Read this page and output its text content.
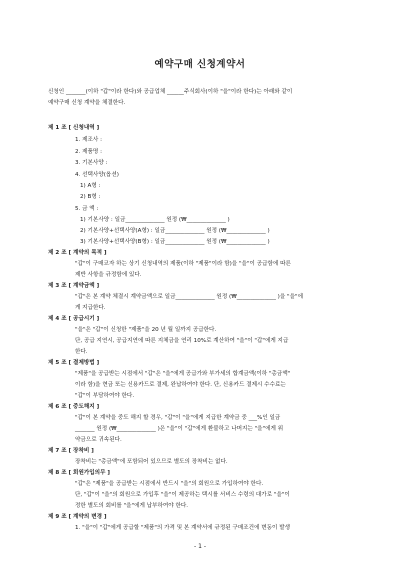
예약구매 신청계약서
신청인 _______(이하 "갑"이라 한다)와 공급업체 ______주식회사(이하 "을"이라 한다)는 아래와 같이
예약구매 신청 계약을 체결한다.
제 1 조 [ 신청내역 ]
1. 제조사 :
2. 제품명 :
3. 기본사양 :
4. 선택사양(옵션)
1) A형 :
2) B형 :
5. 금 액 :
1) 기본사양 : 일금______________ 원정 (₩______________ )
2) 기본사양+선택사양(A형) : 일금______________ 원정 (₩______________ )
3) 기본사양+선택사양(B형) : 일금______________ 원정 (₩______________ )
제 2 조 [ 계약의 목적 ]
"갑"이 구매코자 하는 상기 신청내역의 제품(이하 "제품"이라 함)을 "을"이 공급함에 따른
제반 사항을 규정함에 있다.
제 3 조 [ 계약금액 ]
"갑"은 본 계약 체결시 계약금액으로 일금______________ 원정 (₩______________ )을 "을"에
게 지급한다.
제 4 조 [ 공급시기 ]
"을"은 "갑"이 신청한 "제품"을 20 년 월 일까지 공급한다.
단, 공급 지연시, 공급지연에 따른 지체금을 연리 10%로 계산하여 "을"이 "갑"에게 지급
한다.
제 5 조 [ 결제방법 ]
"제품"을 공급받는 시점에서 "갑"은 "을"에게 공급가와 부가세의 합계금액(이하 "총금액"
이라 함)을 현금 또는 신용카드로 결제, 완납하여야 한다. 단, 신용카드 결제시 수수료는
"갑"이 부담하여야 한다.
제 6 조 [ 중도해지 ]
"갑"이 본 계약을 중도 해지 할 경우, "갑"이 "을"에게 지급한 계약금 중 ___%인 일금
_______ 원정 (₩______________ )은 "을"이 "갑"에게 환불하고 나머지는 "을"에게 위
약금으로 귀속된다.
제 7 조 [ 장착비 ]
장착비는 "총금액"에 포함되어 있으므로 별도의 장착비는 없다.
제 8 조 [ 회원가입의무 ]
"갑"은 "제품"을 공급받는 시점에서 반드시 "을"의 회원으로 가입하여야 한다.
단, "갑"이 "을"의 회원으로 가입후 "을"이 제공하는 택시를 서비스 수령의 대가로 "을"이
정한 별도의 회비를 "을"에게 납부하여야 한다.
제 9 조 [ 계약의 변경 ]
1. "을"이 "갑"에게 공급할 "제품"의 가격 및 본 계약서에 규정된 구매조건에 변동이 발생
- 1 -
